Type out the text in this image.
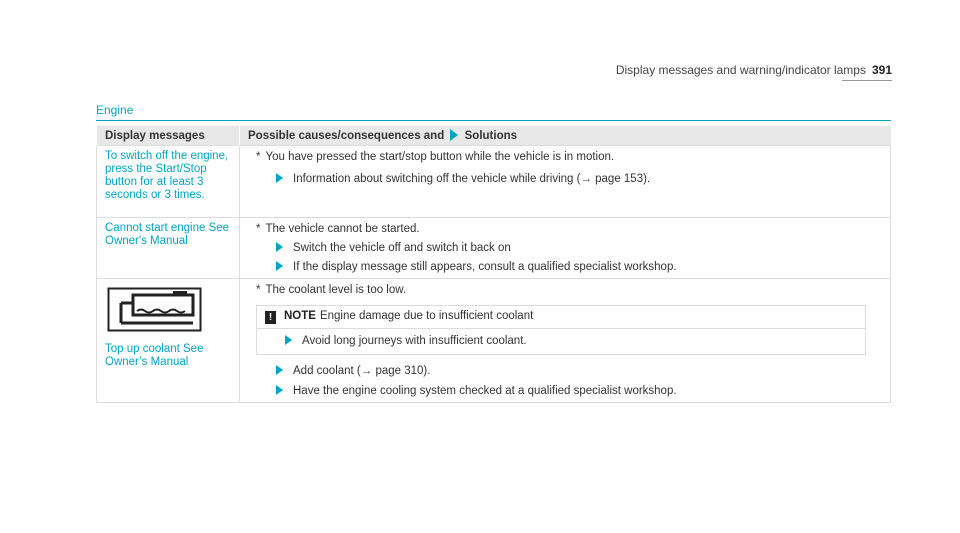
Display messages and warning/indicator lamps 391
Engine
Display messages	Possible causes/consequences and Solutions

To switch off the engine, press the Start/Stop button for at least 3 seconds or 3 times.	* You have pressed the start/stop button while the vehicle is in motion.
Information about switching off the vehicle while driving (→ page 153).

Cannot start engine See Owner's Manual	* The vehicle cannot be started.
Switch the vehicle off and switch it back on
If the display message still appears, consult a qualified specialist workshop.

Top up coolant See Owner’s Manual	* The coolant level is too low.
! NOTE Engine damage due to insufficient coolant
Avoid long journeys with insufficient coolant.
Add coolant (→ page 310).
Have the engine cooling system checked at a qualified specialist workshop.
